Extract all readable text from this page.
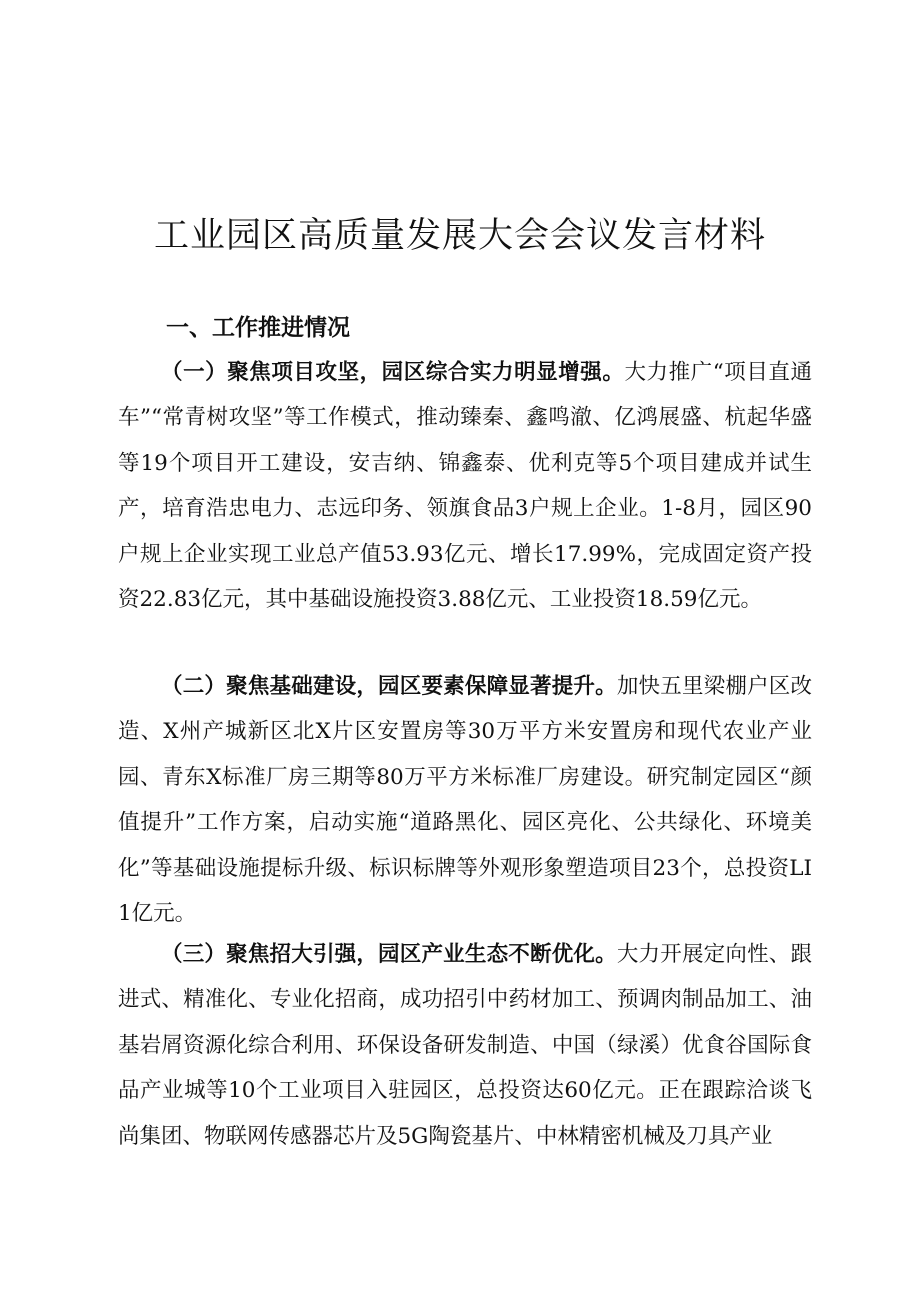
工业园区高质量发展大会会议发言材料
一、工作推进情况

（一）聚焦项目攻坚，园区综合实力明显增强。大力推广“项目直通车”“常青树攻坚”等工作模式，推动臻秦、鑫鸣澈、亿鸿展盛、杭起华盛等19个项目开工建设，安吉纳、锦鑫泰、优利克等5个项目建成并试生产，培育浩忠电力、志远印务、领旗食品3户规上企业。1-8月，园区90户规上企业实现工业总产值53.93亿元、增长17.99%，完成固定资产投资22.83亿元，其中基础设施投资3.88亿元、工业投资18.59亿元。

（二）聚焦基础建设，园区要素保障显著提升。加快五里梁棚户区改造、X州产城新区北X片区安置房等30万平方米安置房和现代农业产业园、青东X标准厂房三期等80万平方米标准厂房建设。研究制定园区“颜值提升”工作方案，启动实施“道路黑化、园区亮化、公共绿化、环境美化”等基础设施提标升级、标识标牌等外观形象塑造项目23个，总投资LI1亿元。

（三）聚焦招大引强，园区产业生态不断优化。大力开展定向性、跟进式、精准化、专业化招商，成功招引中药材加工、预调肉制品加工、油基岩屑资源化综合利用、环保设备研发制造、中国（绿溪）优食谷国际食品产业城等10个工业项目入驻园区，总投资达60亿元。正在跟踪洽谈飞尚集团、物联网传感器芯片及5G陶瓷基片、中林精密机械及刀具产业
